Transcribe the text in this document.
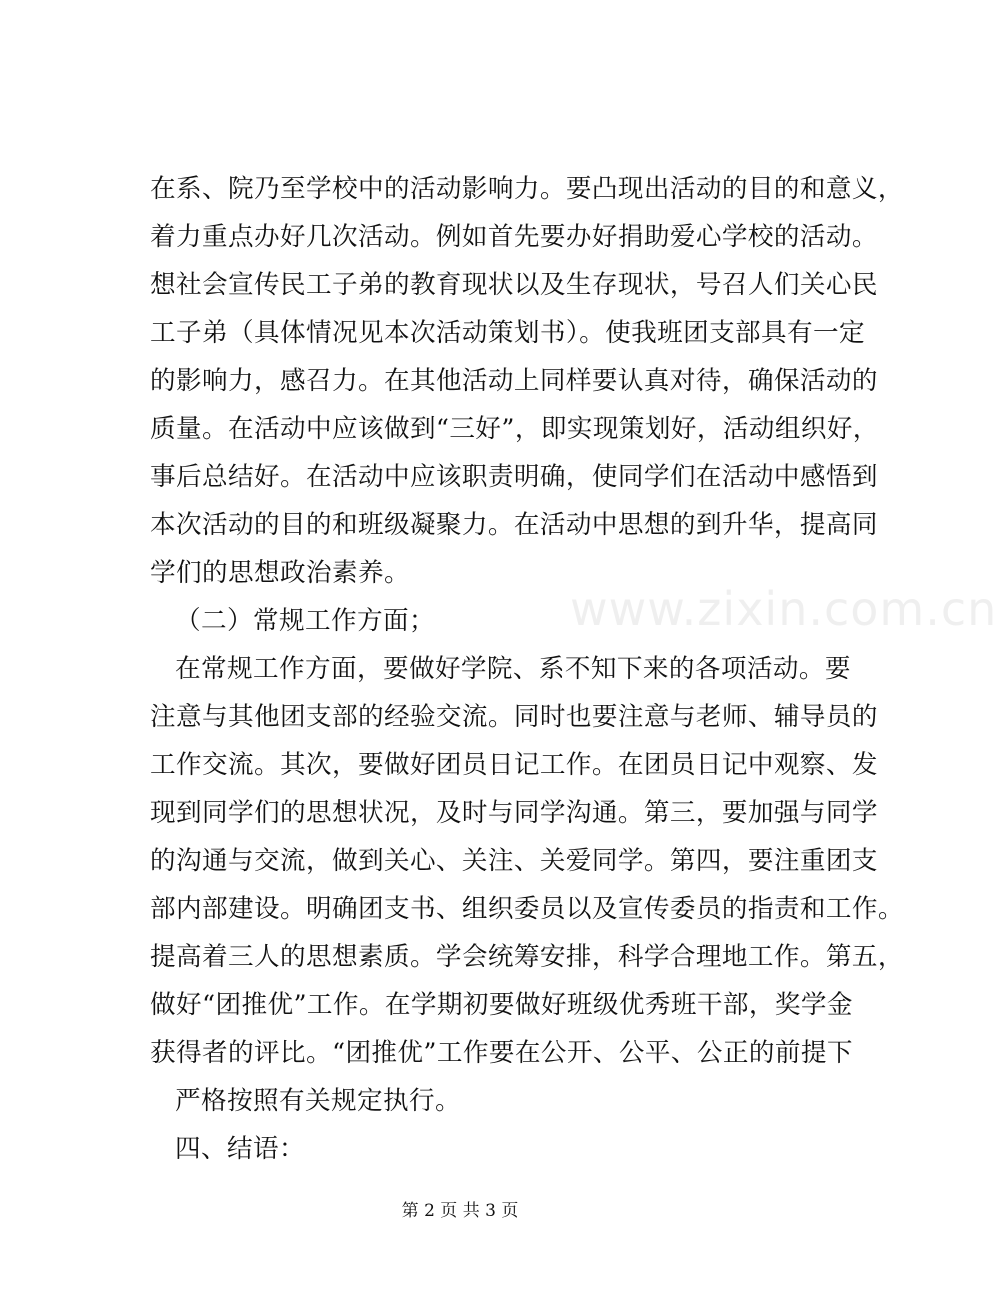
www.zixin.com.cn
在系、院乃至学校中的活动影响力。要凸现出活动的目的和意义，
着力重点办好几次活动。例如首先要办好捐助爱心学校的活动。
想社会宣传民工子弟的教育现状以及生存现状，号召人们关心民
工子弟（具体情况见本次活动策划书）。使我班团支部具有一定
的影响力，感召力。在其他活动上同样要认真对待，确保活动的
质量。在活动中应该做到“三好”，即实现策划好，活动组织好，
事后总结好。在活动中应该职责明确，使同学们在活动中感悟到
本次活动的目的和班级凝聚力。在活动中思想的到升华，提高同
学们的思想政治素养。
（二）常规工作方面；
在常规工作方面，要做好学院、系不知下来的各项活动。要
注意与其他团支部的经验交流。同时也要注意与老师、辅导员的
工作交流。其次，要做好团员日记工作。在团员日记中观察、发
现到同学们的思想状况，及时与同学沟通。第三，要加强与同学
的沟通与交流，做到关心、关注、关爱同学。第四，要注重团支
部内部建设。明确团支书、组织委员以及宣传委员的指责和工作。
提高着三人的思想素质。学会统筹安排，科学合理地工作。第五，
做好“团推优”工作。在学期初要做好班级优秀班干部，奖学金
获得者的评比。“团推优”工作要在公开、公平、公正的前提下
严格按照有关规定执行。
四、结语：
第 2 页 共 3 页
